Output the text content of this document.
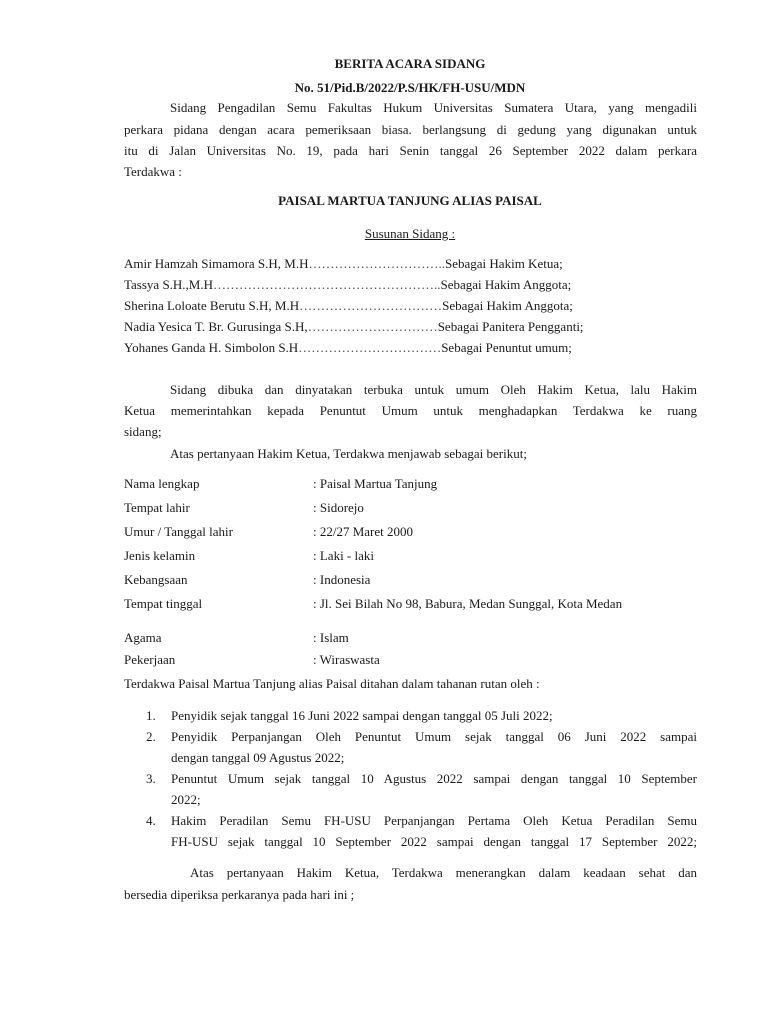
BERITA ACARA SIDANG
No. 51/Pid.B/2022/P.S/HK/FH-USU/MDN
Sidang Pengadilan Semu Fakultas Hukum Universitas Sumatera Utara, yang mengadili
perkara pidana dengan acara pemeriksaan biasa. berlangsung di gedung yang digunakan untuk
itu di Jalan Universitas No. 19, pada hari Senin tanggal 26 September 2022 dalam perkara
Terdakwa :
PAISAL MARTUA TANJUNG ALIAS PAISAL
Susunan Sidang :
Amir Hamzah Simamora S.H, M.H…………………………..Sebagai Hakim Ketua;
Tassya S.H.,M.H……………………………………………..Sebagai Hakim Anggota;
Sherina Loloate Berutu S.H, M.H……………………………Sebagai Hakim Anggota;
Nadia Yesica T. Br. Gurusinga S.H,…………………………Sebagai Panitera Pengganti;
Yohanes Ganda H. Simbolon S.H……………………………Sebagai Penuntut umum;
Sidang dibuka dan dinyatakan terbuka untuk umum Oleh Hakim Ketua, lalu Hakim
Ketua memerintahkan kepada Penuntut Umum untuk menghadapkan Terdakwa ke ruang
sidang;
Atas pertanyaan Hakim Ketua, Terdakwa menjawab sebagai berikut;
Nama lengkap	: Paisal Martua Tanjung
Tempat lahir	: Sidorejo
Umur / Tanggal lahir	: 22/27 Maret 2000
Jenis kelamin	: Laki - laki
Kebangsaan	: Indonesia
Tempat tinggal	: Jl. Sei Bilah No 98, Babura, Medan Sunggal, Kota Medan
Agama	: Islam
Pekerjaan	: Wiraswasta
Terdakwa Paisal Martua Tanjung alias Paisal ditahan dalam tahanan rutan oleh :
1. Penyidik sejak tanggal 16 Juni 2022 sampai dengan tanggal 05 Juli 2022;
2. Penyidik Perpanjangan Oleh Penuntut Umum sejak tanggal 06 Juni 2022 sampai
dengan tanggal 09 Agustus 2022;
3. Penuntut Umum sejak tanggal 10 Agustus 2022 sampai dengan tanggal 10 September
2022;
4. Hakim Peradilan Semu FH-USU Perpanjangan Pertama Oleh Ketua Peradilan Semu
FH-USU sejak tanggal 10 September 2022 sampai dengan tanggal 17 September 2022;
Atas pertanyaan Hakim Ketua, Terdakwa menerangkan dalam keadaan sehat dan
bersedia diperiksa perkaranya pada hari ini ;
